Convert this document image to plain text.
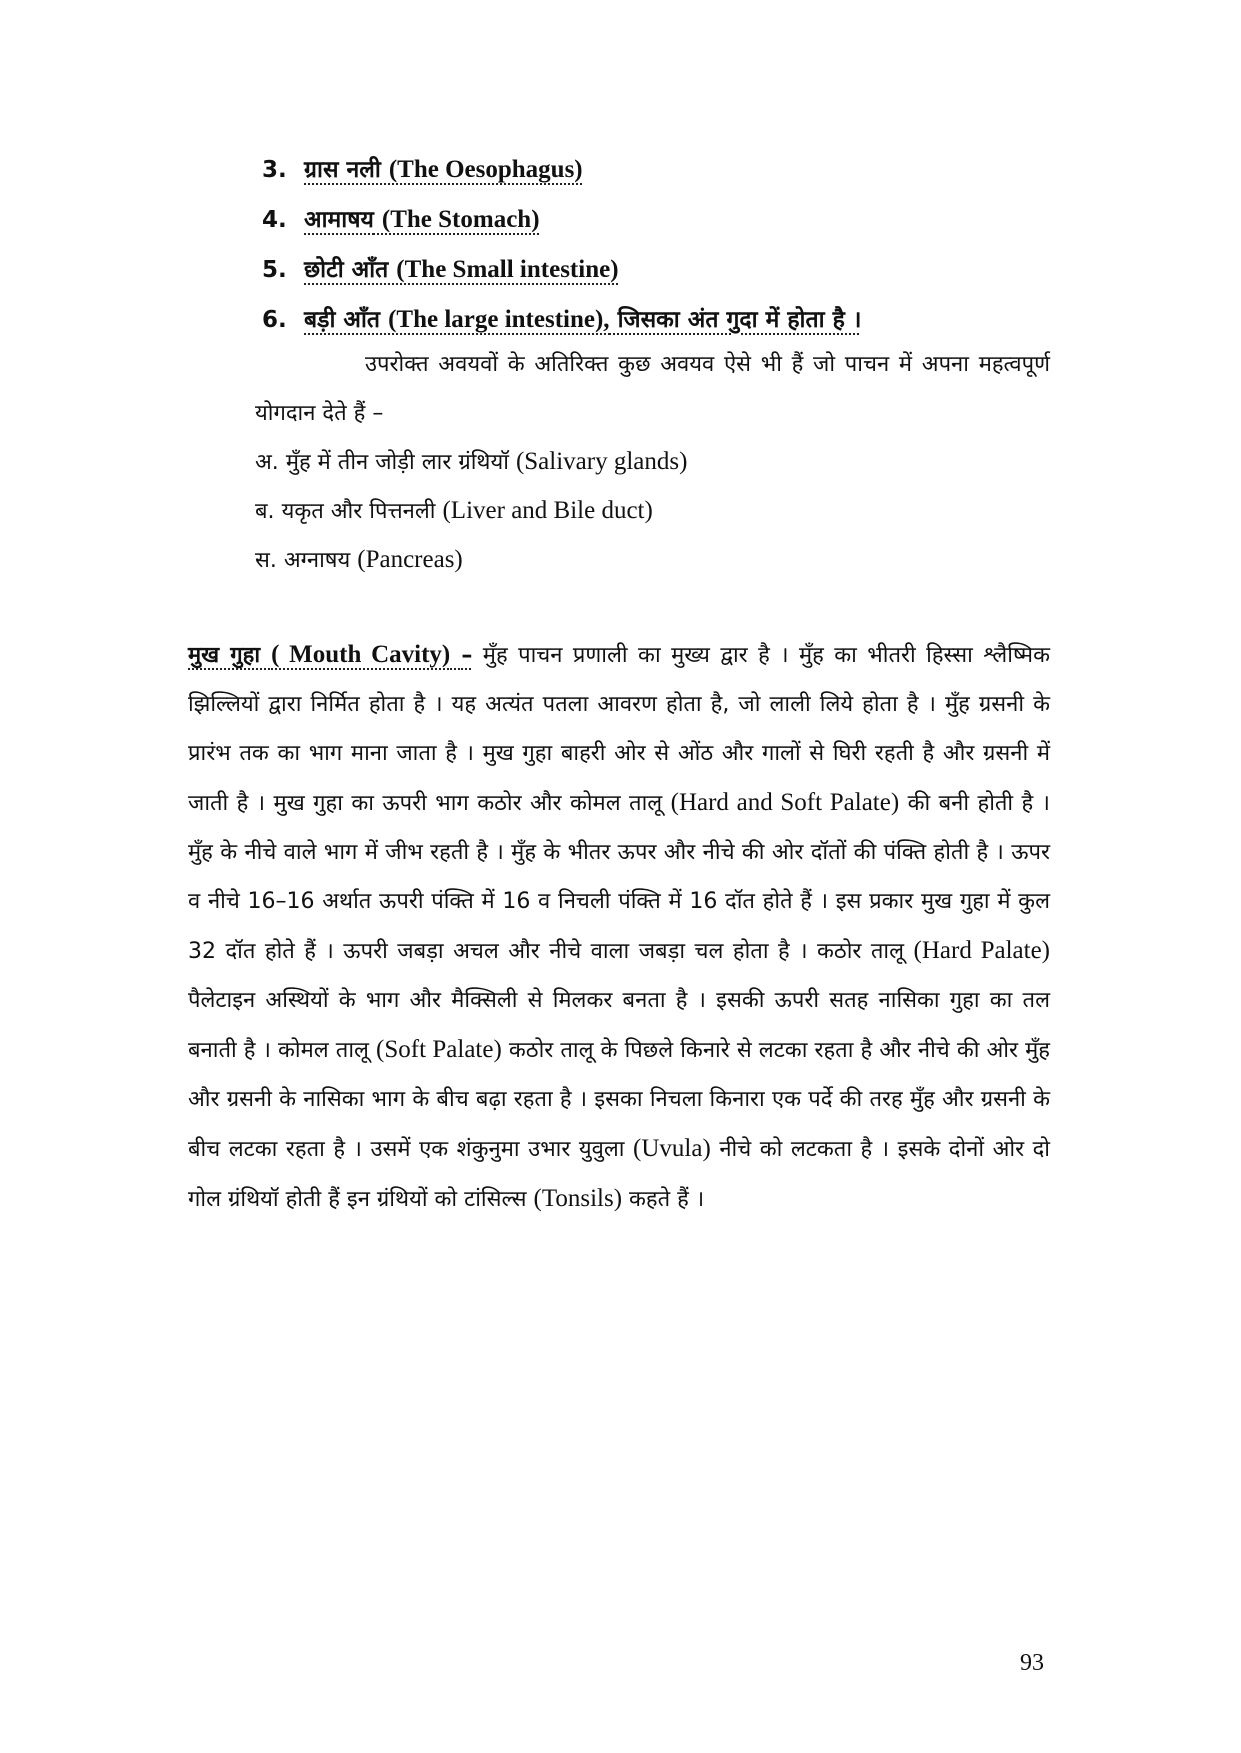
3. ग्रास नली (The Oesophagus)
4. आमाषय (The Stomach)
5. छोटी ऑंत (The Small intestine)
6. बड़ी ऑंत (The large intestine), जिसका अंत गुदा में होता है ।

उपरोक्त अवयवों के अतिरिक्त कुछ अवयव ऐसे भी हैं जो पाचन में अपना महत्वपूर्ण योगदान देते हैं –

अ. मुँह में तीन जोड़ी लार ग्रंथियॉ (Salivary glands)
ब. यकृत और पित्तनली (Liver and Bile duct)
स. अग्नाषय (Pancreas)

मुख गुहा ( Mouth Cavity) – मुँह पाचन प्रणाली का मुख्य द्वार है । मुँह का भीतरी हिस्सा श्लैष्मिक झिल्लियों द्वारा निर्मित होता है । यह अत्यंत पतला आवरण होता है, जो लाली लिये होता है । मुँह ग्रसनी के प्रारंभ तक का भाग माना जाता है । मुख गुहा बाहरी ओर से ओंठ और गालों से घिरी रहती है और ग्रसनी में जाती है । मुख गुहा का ऊपरी भाग कठोर और कोमल तालू (Hard and Soft Palate) की बनी होती है । मुँह के नीचे वाले भाग में जीभ रहती है । मुँह के भीतर ऊपर और नीचे की ओर दॉतों की पंक्ति होती है । ऊपर व नीचे 16–16 अर्थात ऊपरी पंक्ति में 16 व निचली पंक्ति में 16 दॉत होते हैं । इस प्रकार मुख गुहा में कुल 32 दॉत होते हैं । ऊपरी जबड़ा अचल और नीचे वाला जबड़ा चल होता है । कठोर तालू (Hard Palate) पैलेटाइन अस्थियों के भाग और मैक्सिली से मिलकर बनता है । इसकी ऊपरी सतह नासिका गुहा का तल बनाती है । कोमल तालू (Soft Palate) कठोर तालू के पिछले किनारे से लटका रहता है और नीचे की ओर मुँह और ग्रसनी के नासिका भाग के बीच बढ़ा रहता है । इसका निचला किनारा एक पर्दे की तरह मुँह और ग्रसनी के बीच लटका रहता है । उसमें एक शंकुनुमा उभार युवुला (Uvula) नीचे को लटकता है । इसके दोनों ओर दो गोल ग्रंथियॉ होती हैं इन ग्रंथियों को टांसिल्स (Tonsils) कहते हैं ।

93
